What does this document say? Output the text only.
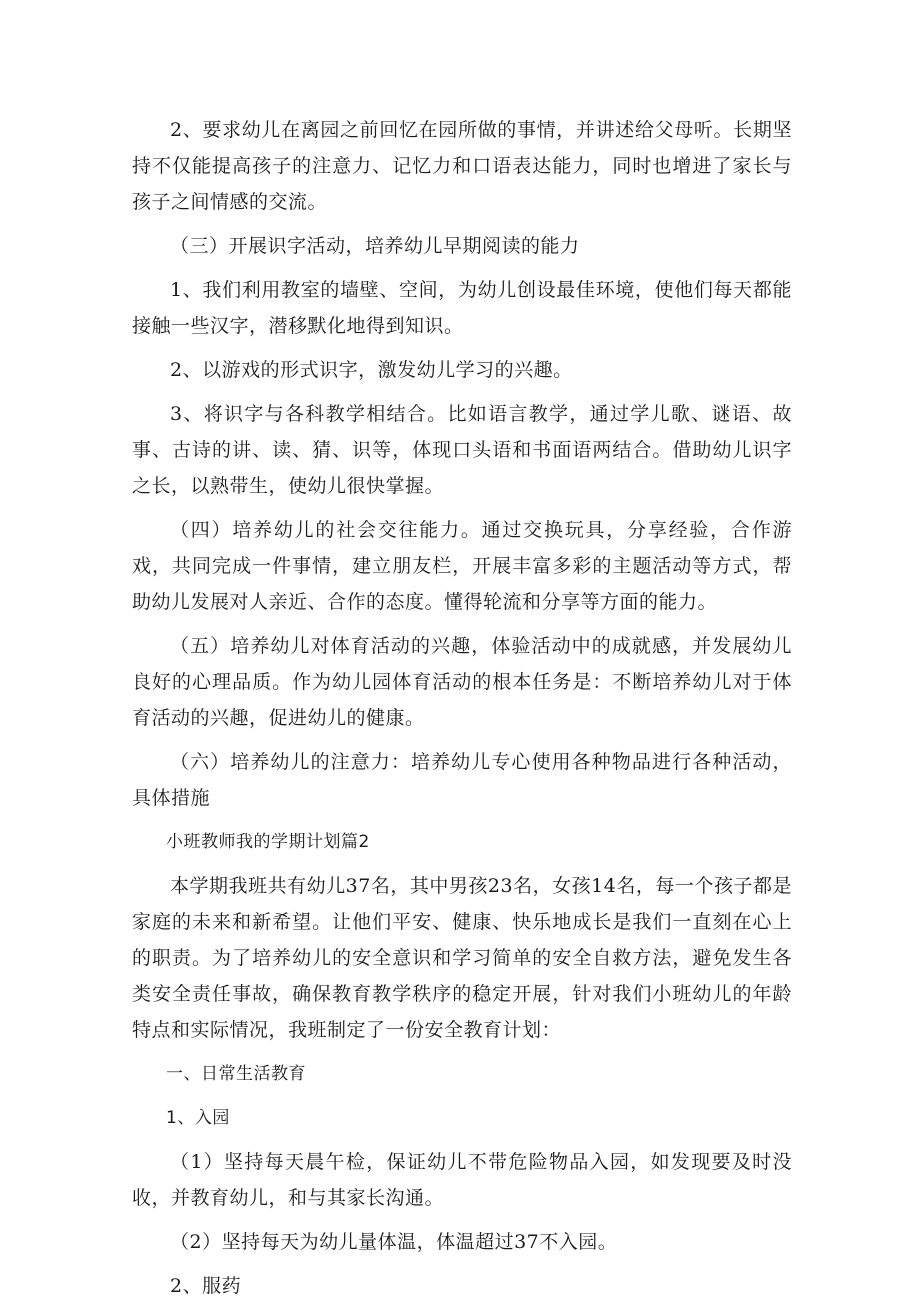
2、要求幼儿在离园之前回忆在园所做的事情，并讲述给父母听。长期坚持不仅能提高孩子的注意力、记忆力和口语表达能力，同时也增进了家长与孩子之间情感的交流。

（三）开展识字活动，培养幼儿早期阅读的能力

1、我们利用教室的墙壁、空间，为幼儿创设最佳环境，使他们每天都能接触一些汉字，潜移默化地得到知识。

2、以游戏的形式识字，激发幼儿学习的兴趣。

3、将识字与各科教学相结合。比如语言教学，通过学儿歌、谜语、故事、古诗的讲、读、猜、识等，体现口头语和书面语两结合。借助幼儿识字之长，以熟带生，使幼儿很快掌握。

（四）培养幼儿的社会交往能力。通过交换玩具，分享经验，合作游戏，共同完成一件事情，建立朋友栏，开展丰富多彩的主题活动等方式，帮助幼儿发展对人亲近、合作的态度。懂得轮流和分享等方面的能力。

（五）培养幼儿对体育活动的兴趣，体验活动中的成就感，并发展幼儿良好的心理品质。作为幼儿园体育活动的根本任务是：不断培养幼儿对于体育活动的兴趣，促进幼儿的健康。

（六）培养幼儿的注意力：培养幼儿专心使用各种物品进行各种活动，具体措施

小班教师我的学期计划篇2

本学期我班共有幼儿37名，其中男孩23名，女孩14名，每一个孩子都是家庭的未来和新希望。让他们平安、健康、快乐地成长是我们一直刻在心上的职责。为了培养幼儿的安全意识和学习简单的安全自救方法，避免发生各类安全责任事故，确保教育教学秩序的稳定开展，针对我们小班幼儿的年龄特点和实际情况，我班制定了一份安全教育计划：

一、日常生活教育

1、入园

（1）坚持每天晨午检，保证幼儿不带危险物品入园，如发现要及时没收，并教育幼儿，和与其家长沟通。

（2）坚持每天为幼儿量体温，体温超过37不入园。

2、服药
